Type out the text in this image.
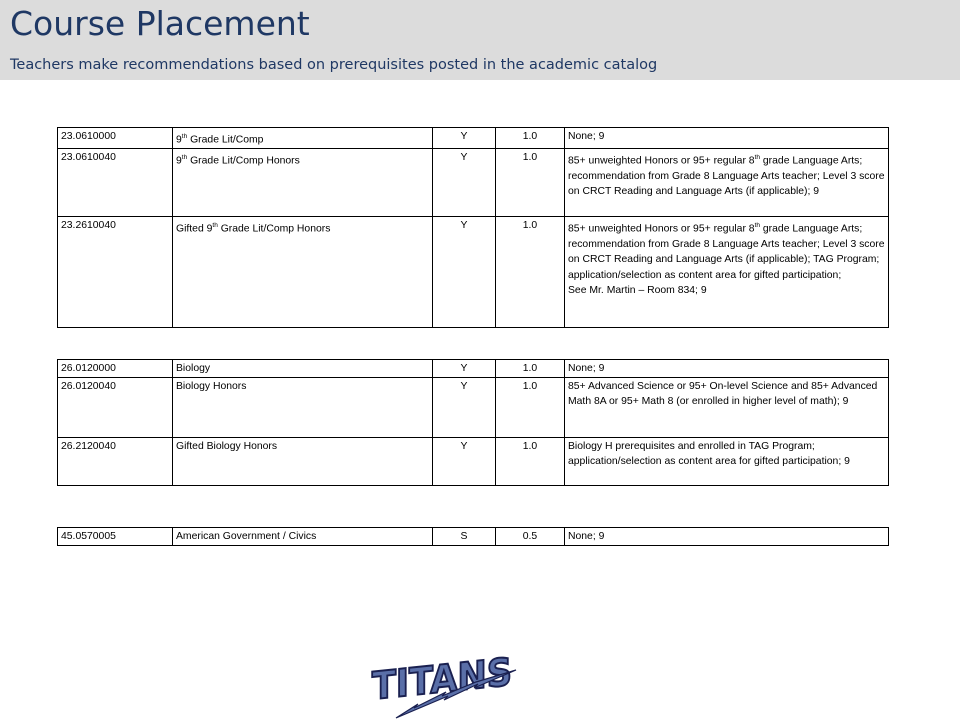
Course Placement

Teachers make recommendations based on prerequisites posted in the academic catalog

23.0610000	9th Grade Lit/Comp	Y	1.0	None; 9
23.0610040	9th Grade Lit/Comp Honors	Y	1.0	85+ unweighted Honors or 95+ regular 8th grade Language Arts; recommendation from Grade 8 Language Arts teacher; Level 3 score on CRCT Reading and Language Arts (if applicable); 9
23.2610040	Gifted 9th Grade Lit/Comp Honors	Y	1.0	85+ unweighted Honors or 95+ regular 8th grade Language Arts; recommendation from Grade 8 Language Arts teacher; Level 3 score on CRCT Reading and Language Arts (if applicable); TAG Program; application/selection as content area for gifted participation;
See Mr. Martin – Room 834; 9
26.0120000	Biology	Y	1.0	None; 9
26.0120040	Biology Honors	Y	1.0	85+ Advanced Science or 95+ On-level Science and 85+ Advanced Math 8A or 95+ Math 8 (or enrolled in higher level of math); 9
26.2120040	Gifted Biology Honors	Y	1.0	Biology H prerequisites and enrolled in TAG Program; application/selection as content area for gifted participation; 9
45.0570005	American Government / Civics	S	0.5	None; 9
TITANS
